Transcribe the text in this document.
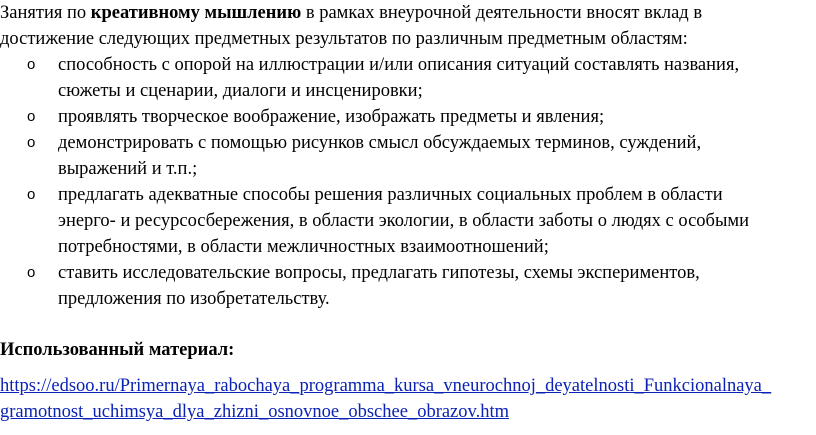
Занятия по креативному мышлению в рамках внеурочной деятельности вносят вклад в
достижение следующих предметных результатов по различным предметным областям:
o способность с опорой на иллюстрации и/или описания ситуаций составлять названия,
сюжеты и сценарии, диалоги и инсценировки;
o проявлять творческое воображение, изображать предметы и явления;
o демонстрировать с помощью рисунков смысл обсуждаемых терминов, суждений,
выражений и т.п.;
o предлагать адекватные способы решения различных социальных проблем в области
энерго- и ресурсосбережения, в области экологии, в области заботы о людях с особыми
потребностями, в области межличностных взаимоотношений;
o ставить исследовательские вопросы, предлагать гипотезы, схемы экспериментов,
предложения по изобретательству.
Использованный материал:
https://edsoo.ru/Primernaya_rabochaya_programma_kursa_vneurochnoj_deyatelnosti_Funkcionalnaya_
gramotnost_uchimsya_dlya_zhizni_osnovnoe_obschee_obrazov.htm
